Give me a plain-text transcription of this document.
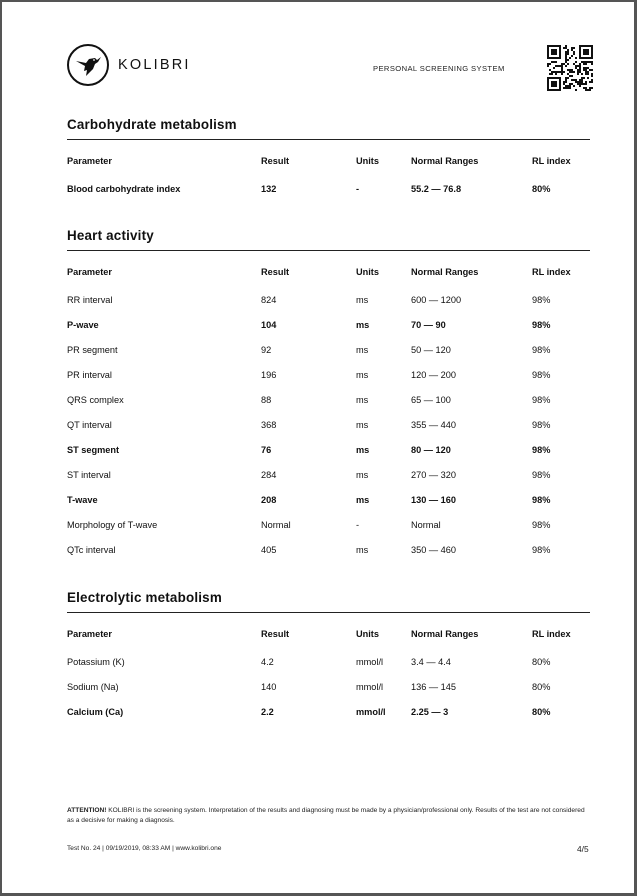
KOLIBRI	PERSONAL SCREENING SYSTEM
Carbohydrate metabolism
Parameter	Result	Units	Normal Ranges	RL index
Blood carbohydrate index	132	-	55.2 — 76.8	80%
Heart activity
Parameter	Result	Units	Normal Ranges	RL index
RR interval	824	ms	600 — 1200	98%
P-wave	104	ms	70 — 90	98%
PR segment	92	ms	50 — 120	98%
PR interval	196	ms	120 — 200	98%
QRS complex	88	ms	65 — 100	98%
QT interval	368	ms	355 — 440	98%
ST segment	76	ms	80 — 120	98%
ST interval	284	ms	270 — 320	98%
T-wave	208	ms	130 — 160	98%
Morphology of T-wave	Normal	-	Normal	98%
QTc interval	405	ms	350 — 460	98%
Electrolytic metabolism
Parameter	Result	Units	Normal Ranges	RL index
Potassium (K)	4.2	mmol/l	3.4 — 4.4	80%
Sodium (Na)	140	mmol/l	136 — 145	80%
Calcium (Ca)	2.2	mmol/l	2.25 — 3	80%
ATTENTION! KOLIBRI is the screening system. Interpretation of the results and diagnosing must be made by a physician/professional only. Results of the test are not considered as a decisive for making a diagnosis.
Test No. 24 | 09/19/2019, 08:33 AM | www.kolibri.one	4/5
